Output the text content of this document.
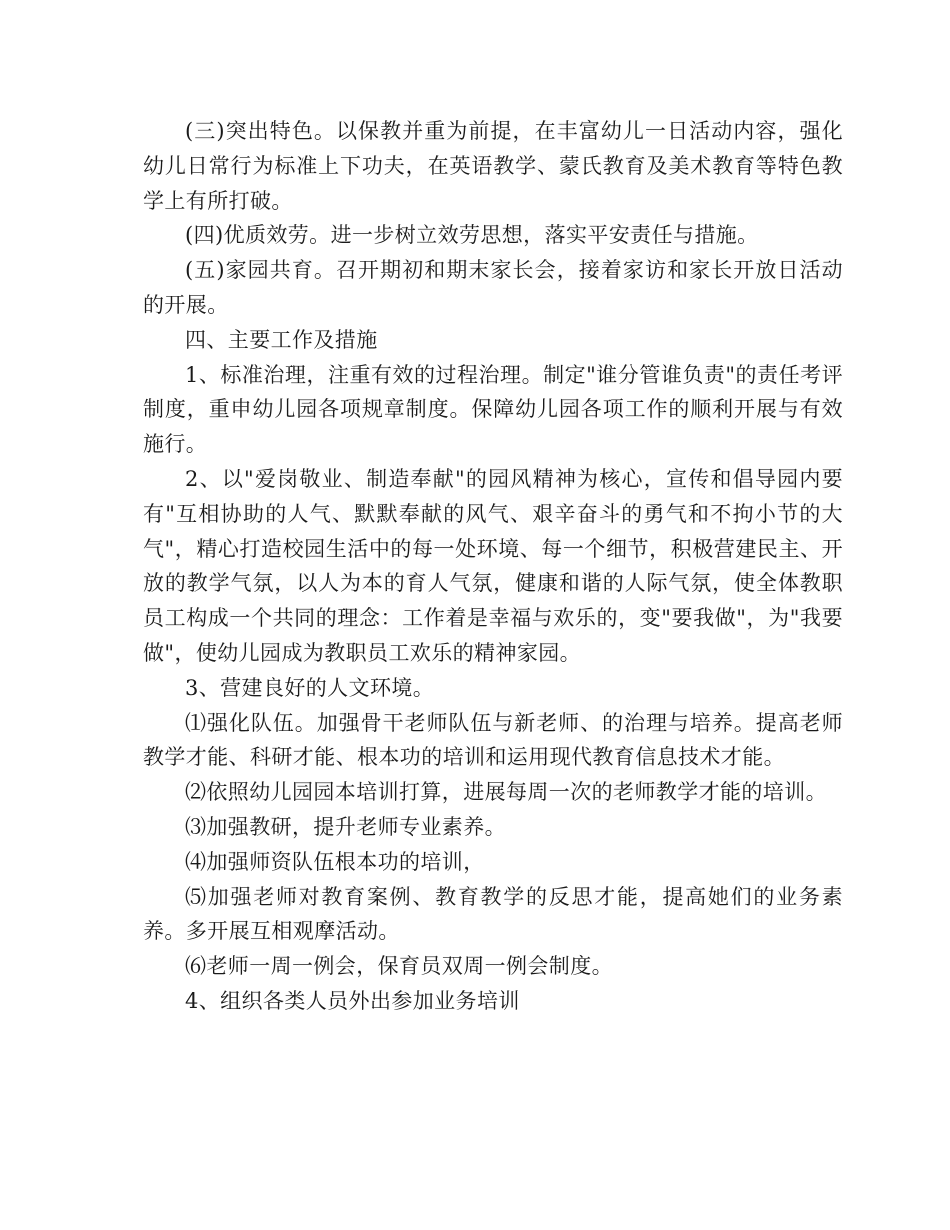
(三)突出特色。以保教并重为前提，在丰富幼儿一日活动内容，强化幼儿日常行为标准上下功夫，在英语教学、蒙氏教育及美术教育等特色教学上有所打破。

(四)优质效劳。进一步树立效劳思想，落实平安责任与措施。

(五)家园共育。召开期初和期末家长会，接着家访和家长开放日活动的开展。

四、主要工作及措施

1、标准治理，注重有效的过程治理。制定"谁分管谁负责"的责任考评制度，重申幼儿园各项规章制度。保障幼儿园各项工作的顺利开展与有效施行。

2、以"爱岗敬业、制造奉献"的园风精神为核心，宣传和倡导园内要有"互相协助的人气、默默奉献的风气、艰辛奋斗的勇气和不拘小节的大气"，精心打造校园生活中的每一处环境、每一个细节，积极营建民主、开放的教学气氛，以人为本的育人气氛，健康和谐的人际气氛，使全体教职员工构成一个共同的理念：工作着是幸福与欢乐的，变"要我做"，为"我要做"，使幼儿园成为教职员工欢乐的精神家园。

3、营建良好的人文环境。

⑴强化队伍。加强骨干老师队伍与新老师、的治理与培养。提高老师教学才能、科研才能、根本功的培训和运用现代教育信息技术才能。

⑵依照幼儿园园本培训打算，进展每周一次的老师教学才能的培训。

⑶加强教研，提升老师专业素养。

⑷加强师资队伍根本功的培训，

⑸加强老师对教育案例、教育教学的反思才能，提高她们的业务素养。多开展互相观摩活动。

⑹老师一周一例会，保育员双周一例会制度。

4、组织各类人员外出参加业务培训
